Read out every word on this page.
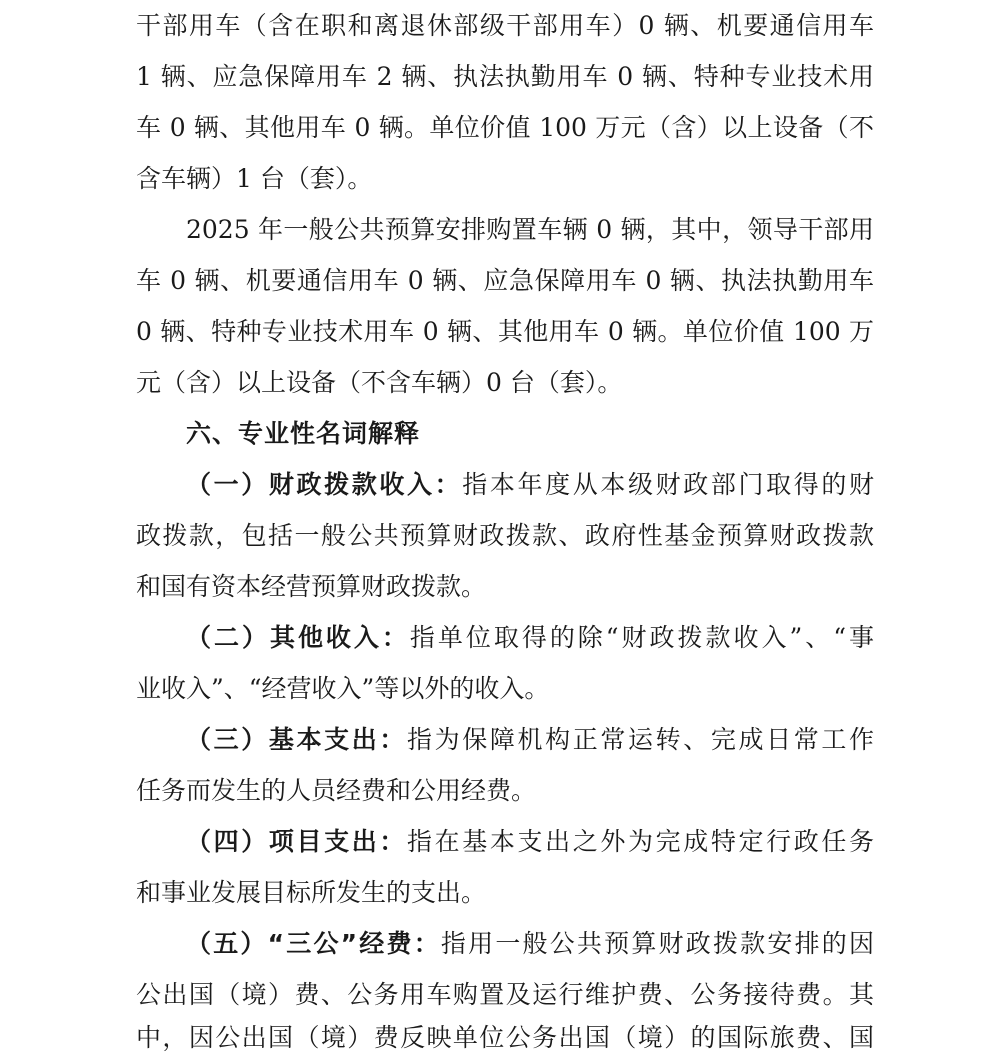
干部用车（含在职和离退休部级干部用车）0 辆、机要通信用车
1 辆、应急保障用车 2 辆、执法执勤用车 0 辆、特种专业技术用
车 0 辆、其他用车 0 辆。单位价值 100 万元（含）以上设备（不
含车辆）1 台（套）。
2025 年一般公共预算安排购置车辆 0 辆，其中，领导干部用
车 0 辆、机要通信用车 0 辆、应急保障用车 0 辆、执法执勤用车
0 辆、特种专业技术用车 0 辆、其他用车 0 辆。单位价值 100 万
元（含）以上设备（不含车辆）0 台（套）。
六、专业性名词解释
（一）财政拨款收入：指本年度从本级财政部门取得的财
政拨款，包括一般公共预算财政拨款、政府性基金预算财政拨款
和国有资本经营预算财政拨款。
（二）其他收入：指单位取得的除“财政拨款收入”、“事
业收入”、“经营收入”等以外的收入。
（三）基本支出：指为保障机构正常运转、完成日常工作
任务而发生的人员经费和公用经费。
（四）项目支出：指在基本支出之外为完成特定行政任务
和事业发展目标所发生的支出。
（五）“三公”经费：指用一般公共预算财政拨款安排的因
公出国（境）费、公务用车购置及运行维护费、公务接待费。其
中，因公出国（境）费反映单位公务出国（境）的国际旅费、国
